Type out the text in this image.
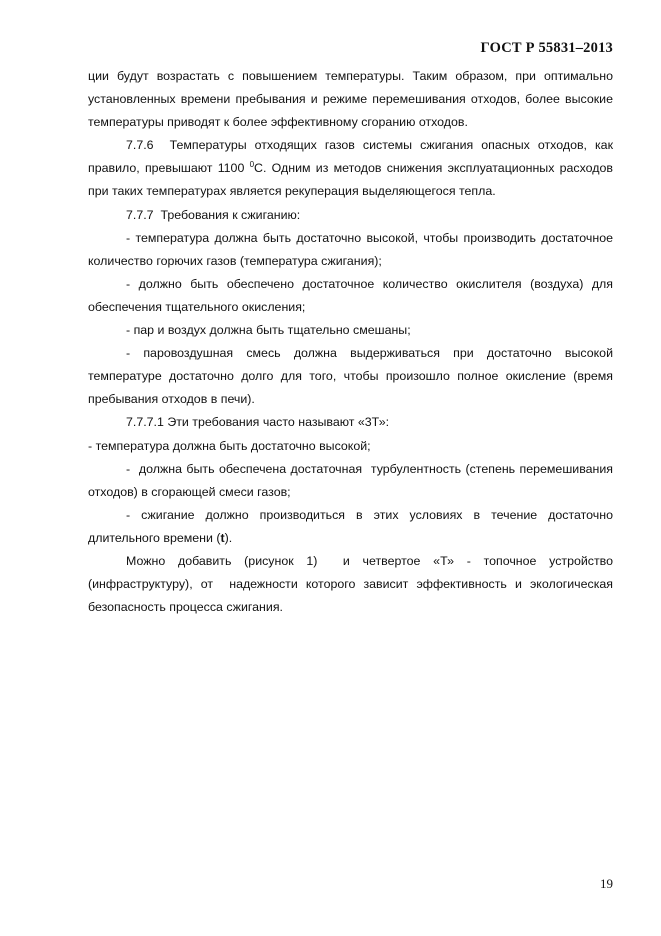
ГОСТ Р 55831–2013

ции будут возрастать с повышением температуры. Таким образом, при оптимально установленных времени пребывания и режиме перемешивания отходов, более высокие температуры приводят к более эффективному сгоранию отходов.

7.7.6  Температуры отходящих газов системы сжигания опасных отходов, как правило, превышают 1100 $^0$С. Одним из методов снижения эксплуатационных расходов при таких температурах является рекуперация выделяющегося тепла.

7.7.7  Требования к сжиганию:

- температура должна быть достаточно высокой, чтобы производить достаточное количество горючих газов (температура сжигания);

- должно быть обеспечено достаточное количество окислителя (воздуха) для обеспечения тщательного окисления;

- пар и воздух должна быть тщательно смешаны;

- паровоздушная смесь должна выдерживаться при достаточно высокой температуре достаточно долго для того, чтобы произошло полное окисление (время пребывания отходов в печи).

7.7.7.1 Эти требования часто называют «3Т»:

- температура должна быть достаточно высокой;

-  должна быть обеспечена достаточная  турбулентность (степень перемешивания отходов) в сгорающей смеси газов;

- сжигание должно производиться в этих условиях в течение достаточно длительного времени (t).

Можно добавить (рисунок 1)  и четвертое «Т» - топочное устройство (инфраструктуру), от  надежности которого зависит эффективность и экологическая безопасность процесса сжигания.

19
